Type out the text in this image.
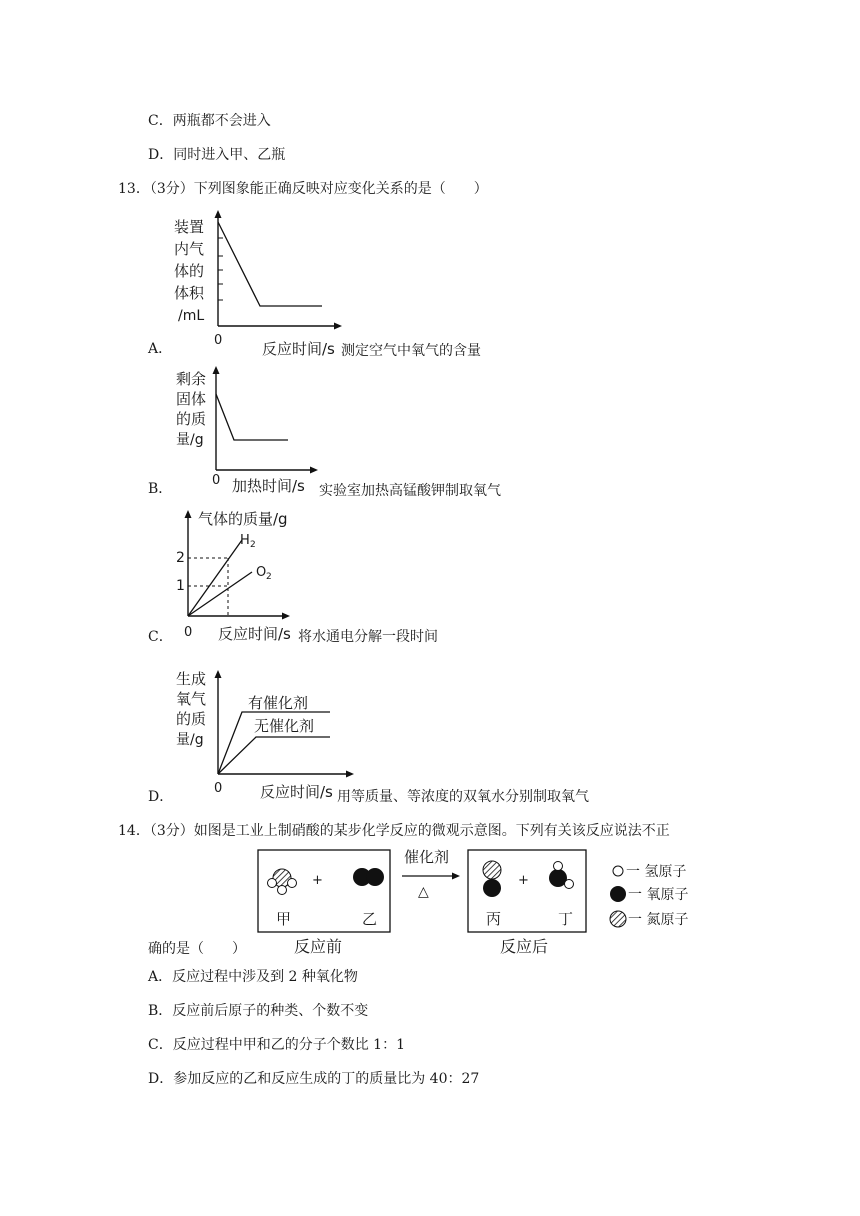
C．两瓶都不会进入
D．同时进入甲、乙瓶
13．（3分）下列图象能正确反映对应变化关系的是（　　）
A．
装置
内气
体的
体积
/mL
0	反应时间/s 测定空气中氧气的含量
B．
剩余
固体
的质
量/g
0 加热时间/s 实验室加热高锰酸钾制取氧气
C．
气体的质量/g
2
1
H 2
O 2
0 反应时间/s 将水通电分解一段时间
D．
生成
氧气
的质
量/g
有催化剂
无催化剂
0	反应时间/s 用等质量、等浓度的双氧水分别制取氧气
14．（3分）如图是工业上制硝酸的某步化学反应的微观示意图。下列有关该反应说法不正
+
甲	乙
反应前
催化剂
△
+
丙	丁
反应后
一 氢原子
一 氧原子
一 氮原子
确的是（　　）
A．反应过程中涉及到 2 种氧化物
B．反应前后原子的种类、个数不变
C．反应过程中甲和乙的分子个数比 1：1
D．参加反应的乙和反应生成的丁的质量比为 40：27
